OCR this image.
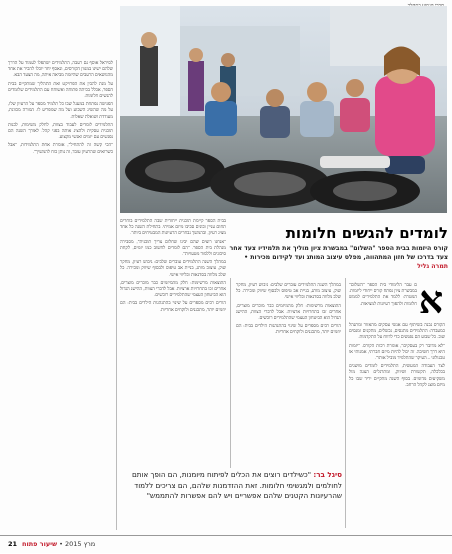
לסיראל אוסף גם רעבה, התלמידים ישתפלו לעמוד על הדרך שלהם ישיגו במגוון הקורסים, ונאסף יחד יוכלו להכיר את אחד מהנושאים הרעבים שהיזמה מביאה איתה, מה הצעד הבא.

על מנת להבין את הפרויקט ואת התהליך שמתקיים בבית הספר, אכלל בכיתה פתוחה ואשוחח עם התלמידים שלומדים להגשים חלומות.

הפגישה נפתחת במעגל שבו כל תלמיד מספר על הרעיון שלו, על מה שהשיג השבוע ועל מה שמפריע לו. המורה מכוונת, מעודדת ושואלת שאלות.

התלמידים לומדים לעבוד בצוות, לחלק משימות, לבנות תוכנית עסקית ולהציג אותה בפני קהל. לאורך השנה הם נפגשים עם יזמים ואנשי מקצוע.

"הכי קשה זה להתחיל", אומרת אחת התלמידות, "אבל כשרואים שהרעיון עובד, זה נותן כוח להמשיך".

בבית הספר קיימת תוכנית ייחודית שבה התלמידים בוחרים תחום עניין ובונים סביבו מיזם אמיתי. בתחילת השנה כל אחד מציג רעיון, ובהמשך נבחרים הרעיונות המבטיחים ביותר.

"אנחנו רוצים שהם יבינו שחלום צריך תוכנית", מסבירה מנהלת בית הספר. "הם לומדים לחשוב כמו יזמים, לקחת סיכונים וללמוד מטעויות".

במהלך השנה התלמידים עוברים שלבים: גיבוש רעיון, מחקר שוק, עיצוב מותג, בניית אב טיפוס ולבסוף שיווק ומכירה. כל שלב מלווה בסדנאות ובליווי אישי.

התוצאות מרשימות: חלק מהמיזמים כבר מוכרים מוצרים, אחרים זכו בתחרויות ארציות. אבל לדברי הצוות, ההישג הגדול הוא הביטחון העצמי שהתלמידים רוכשים.

הורים רבים מספרים על שינוי בהתנהגות הילדים בבית: הם יוזמים יותר, מתכננים ולוקחים אחריות.

לומדים להגשים חלומות
קורס היזמות בבית הספר "השלום" במבשרת ציון מוליך את תלמידיו צעד אחר צעד בדרכו של חזון המתהווה, מפלס עיצוב המותג ועד לקידום מכירות • תמרה גליל
א

במהלך השנה התלמידים עוברים שלבים: גיבוש רעיון, מחקר שוק, עיצוב מותג, בניית אב טיפוס ולבסוף שיווק ומכירה. כל שלב מלווה בסדנאות ובליווי אישי.

התוצאות מרשימות: חלק מהמיזמים כבר מוכרים מוצרים, אחרים זכו בתחרויות ארציות. אבל לדברי הצוות, ההישג הגדול הוא הביטחון העצמי שהתלמידים רוכשים.

הורים רבים מספרים על שינוי בהתנהגות הילדים בבית: הם יוזמים יותר, מתכננים ולוקחים אחריות.

ם עבר הלימודי בית הספר "השלום" במבשרת ציון נפתח קורס ייחודי ליזמות. המטרה: ללמד את התלמידים לממש חלומות ולהפוך רעיונות למציאות.

הקורס נבנה בשיתוף עם אנשי עסקים מהאזור ומתנהל כמעבדה: התלמידים מתנסים, נכשלים, מתקנים ומנסים שוב. כל שבוע הם נפגשים כדי לדווח על התקדמות.

"לא מדובר רק בעסקים", אומרת רכזת הקורס. "יזמות היא דרך חשיבה. זה יכול להיות מיזם חברתי, אמנותי או טכנולוגי – העיקר שהתלמיד מוביל אותו".

לצד העבודה המעשית, התלמידים לומדים מושגים בכלכלה, תקשורת ושיווק, ומתרגלים הצגה מול משקיעים מדומים. בסוף השנה מתקיים יריד שבו כל מיזם מוצג לקהל הרחב.

סיגל בר: "כשילדים רוצים את הכלים לפיתוח מיומנות, הם הופך אותם לחולמים ולמגשימי חלומות. זאת ההזדמנות שלהם, הם צריכים ללמוד שהרעיונות הקטנים שלהם אפשריים ויש להם אפשרות להתממש"
21	מרץ 2015 • שיעור פתוח
